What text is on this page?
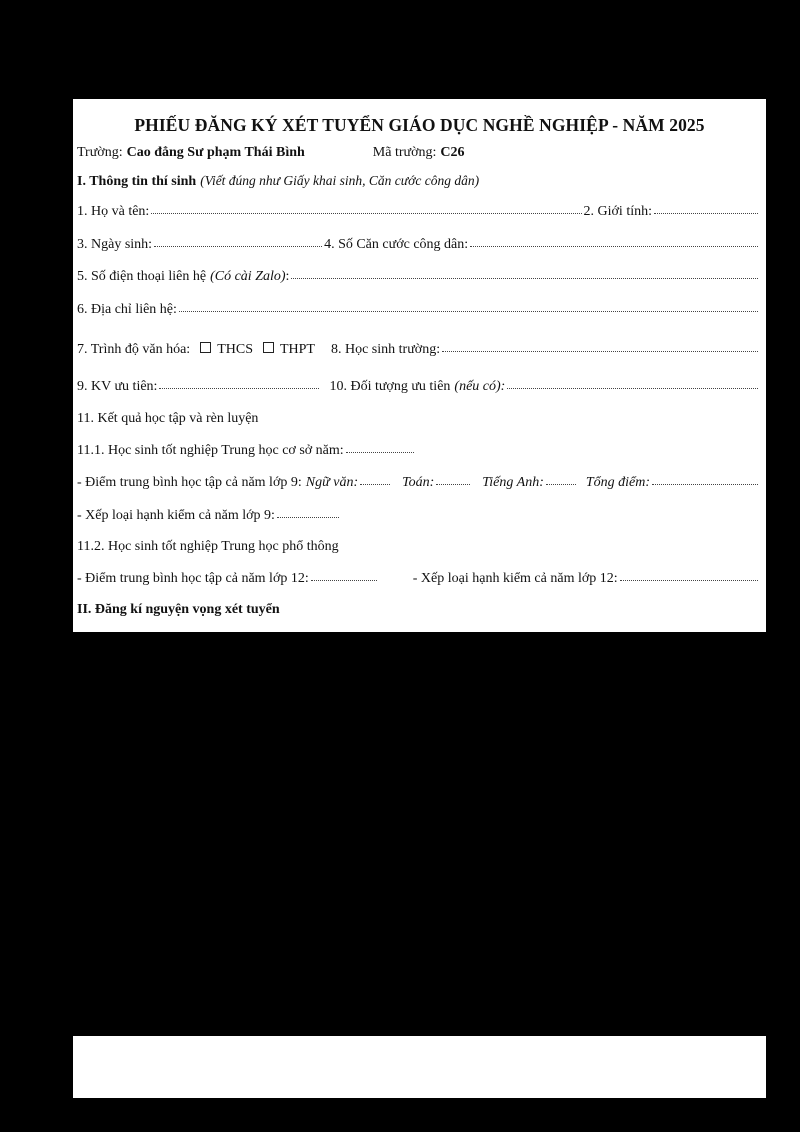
PHIẾU ĐĂNG KÝ XÉT TUYỂN GIÁO DỤC NGHỀ NGHIỆP - NĂM 2025
Trường: Cao đẳng Sư phạm Thái Bình	Mã trường: C26
I. Thông tin thí sinh (Viết đúng như Giấy khai sinh, Căn cước công dân)
1. Họ và tên:	2. Giới tính:
3. Ngày sinh:	4. Số Căn cước công dân:
5. Số điện thoại liên hệ (Có cài Zalo) :
6. Địa chỉ liên hệ:
7. Trình độ văn hóa: THCS THPT 8. Học sinh trường:
9. KV ưu tiên:	10. Đối tượng ưu tiên (nếu có):
11. Kết quả học tập và rèn luyện
11.1. Học sinh tốt nghiệp Trung học cơ sở năm:
- Điểm trung bình học tập cả năm lớp 9: Ngữ văn:	Toán:	Tiếng Anh:	Tổng điểm:
- Xếp loại hạnh kiểm cả năm lớp 9:
11.2. Học sinh tốt nghiệp Trung học phổ thông
- Điểm trung bình học tập cả năm lớp 12:	- Xếp loại hạnh kiểm cả năm lớp 12:
II. Đăng kí nguyện vọng xét tuyển
